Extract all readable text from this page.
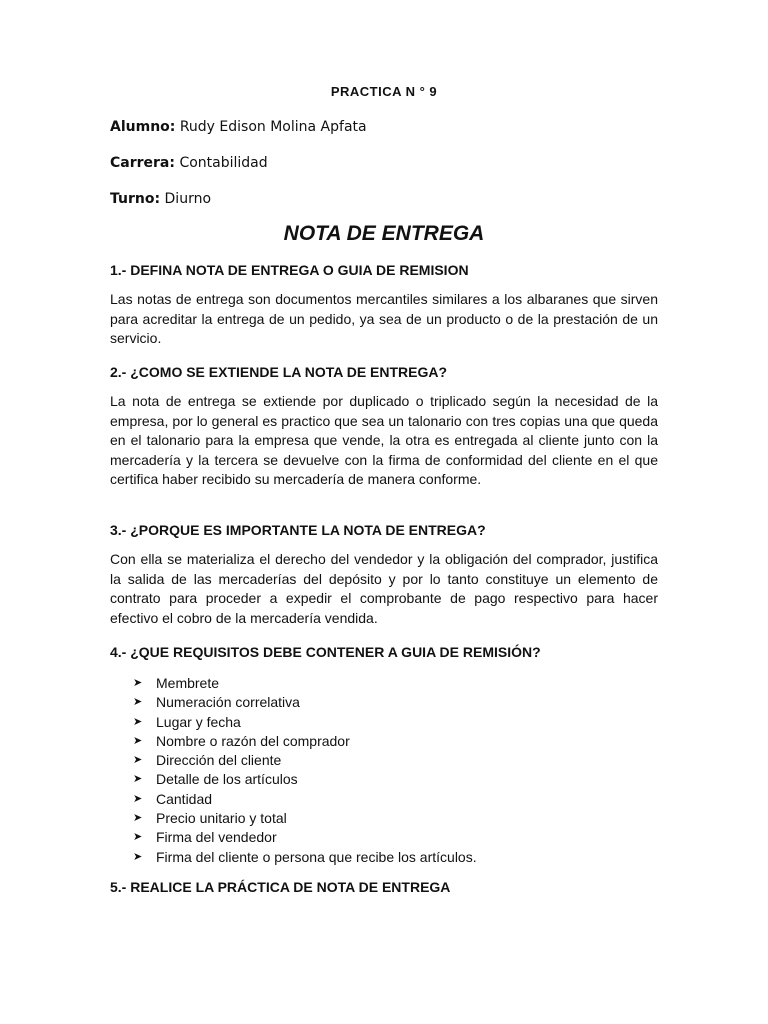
PRACTICA N ° 9
Alumno: Rudy Edison Molina Apfata
Carrera: Contabilidad
Turno: Diurno
NOTA DE ENTREGA

1.- DEFINA NOTA DE ENTREGA O GUIA DE REMISION

Las notas de entrega son documentos mercantiles similares a los albaranes que sirven para acreditar la entrega de un pedido, ya sea de un producto o de la prestación de un servicio.

2.- ¿COMO SE EXTIENDE LA NOTA DE ENTREGA?

La nota de entrega se extiende por duplicado o triplicado según la necesidad de la empresa, por lo general es practico que sea un talonario con tres copias una que queda en el talonario para la empresa que vende, la otra es entregada al cliente junto con la mercadería y la tercera se devuelve con la firma de conformidad del cliente en el que certifica haber recibido su mercadería de manera conforme.

3.- ¿PORQUE ES IMPORTANTE LA NOTA DE ENTREGA?

Con ella se materializa el derecho del vendedor y la obligación del comprador, justifica la salida de las mercaderías del depósito y por lo tanto constituye un elemento de contrato para proceder a expedir el comprobante de pago respectivo para hacer efectivo el cobro de la mercadería vendida.

4.- ¿QUE REQUISITOS DEBE CONTENER A GUIA DE REMISIÓN?

➤ Membrete
➤ Numeración correlativa
➤ Lugar y fecha
➤ Nombre o razón del comprador
➤ Dirección del cliente
➤ Detalle de los artículos
➤ Cantidad
➤ Precio unitario y total
➤ Firma del vendedor
➤ Firma del cliente o persona que recibe los artículos.

5.- REALICE LA PRÁCTICA DE NOTA DE ENTREGA
